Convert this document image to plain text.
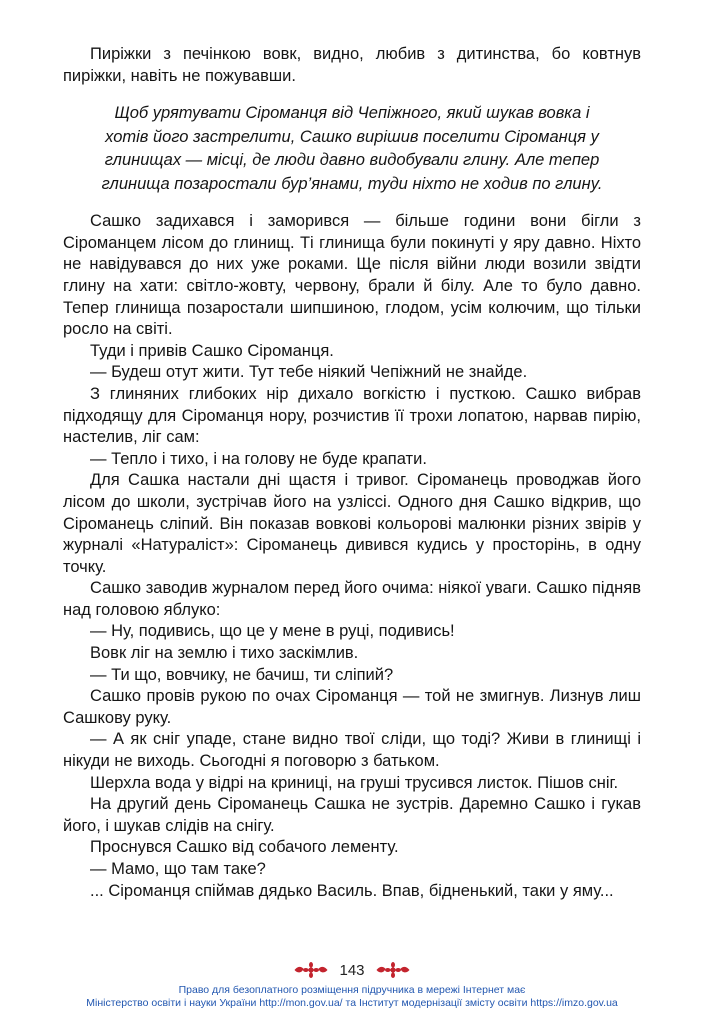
Пиріжки з печінкою вовк, видно, любив з дитинства, бо ковтнув пиріжки, навіть не пожувавши.

Щоб урятувати Сіроманця від Чепіжного, який шукав вовка і хотів його застрелити, Сашко вирішив поселити Сіроманця у глинищах — місці, де люди давно видобували глину. Але тепер глинища позаростали бур’янами, туди ніхто не ходив по глину.

Сашко задихався і заморився — більше години вони бігли з Сіроманцем лісом до глинищ. Ті глинища були покинуті у яру давно. Ніхто не навідувався до них уже роками. Ще після війни люди возили звідти глину на хати: світло-жовту, червону, брали й білу. Але то було давно. Тепер глинища позаростали шипшиною, глодом, усім колючим, що тільки росло на світі.

Туди і привів Сашко Сіроманця.

— Будеш отут жити. Тут тебе ніякий Чепіжний не знайде.

З глиняних глибоких нір дихало вогкістю і пусткою. Сашко вибрав підходящу для Сіроманця нору, розчистив її трохи лопатою, нарвав пирію, настелив, ліг сам:

— Тепло і тихо, і на голову не буде крапати.

Для Сашка настали дні щастя і тривог. Сіроманець проводжав його лісом до школи, зустрічав його на узліссі. Одного дня Сашко відкрив, що Сіроманець сліпий. Він показав вовкові кольорові малюнки різних звірів у журналі «Натураліст»: Сіроманець дивився кудись у просторінь, в одну точку.

Сашко заводив журналом перед його очима: ніякої уваги. Сашко підняв над головою яблуко:

— Ну, подивись, що це у мене в руці, подивись!

Вовк ліг на землю і тихо заскімлив.

— Ти що, вовчику, не бачиш, ти сліпий?

Сашко провів рукою по очах Сіроманця — той не змигнув. Лизнув лиш Сашкову руку.

— А як сніг упаде, стане видно твої сліди, що тоді? Живи в глинищі і нікуди не виходь. Сьогодні я поговорю з батьком.

Шерхла вода у відрі на криниці, на груші трусився листок. Пішов сніг.

На другий день Сіроманець Сашка не зустрів. Даремно Сашко і гукав його, і шукав слідів на снігу.

Проснувся Сашко від собачого лементу.

— Мамо, що там таке?

... Сіроманця спіймав дядько Василь. Впав, бідненький, таки у яму...

143
Право для безоплатного розміщення підручника в мережі Інтернет має
Міністерство освіти і науки України http://mon.gov.ua/ та Інститут модернізації змісту освіти https://imzo.gov.ua
